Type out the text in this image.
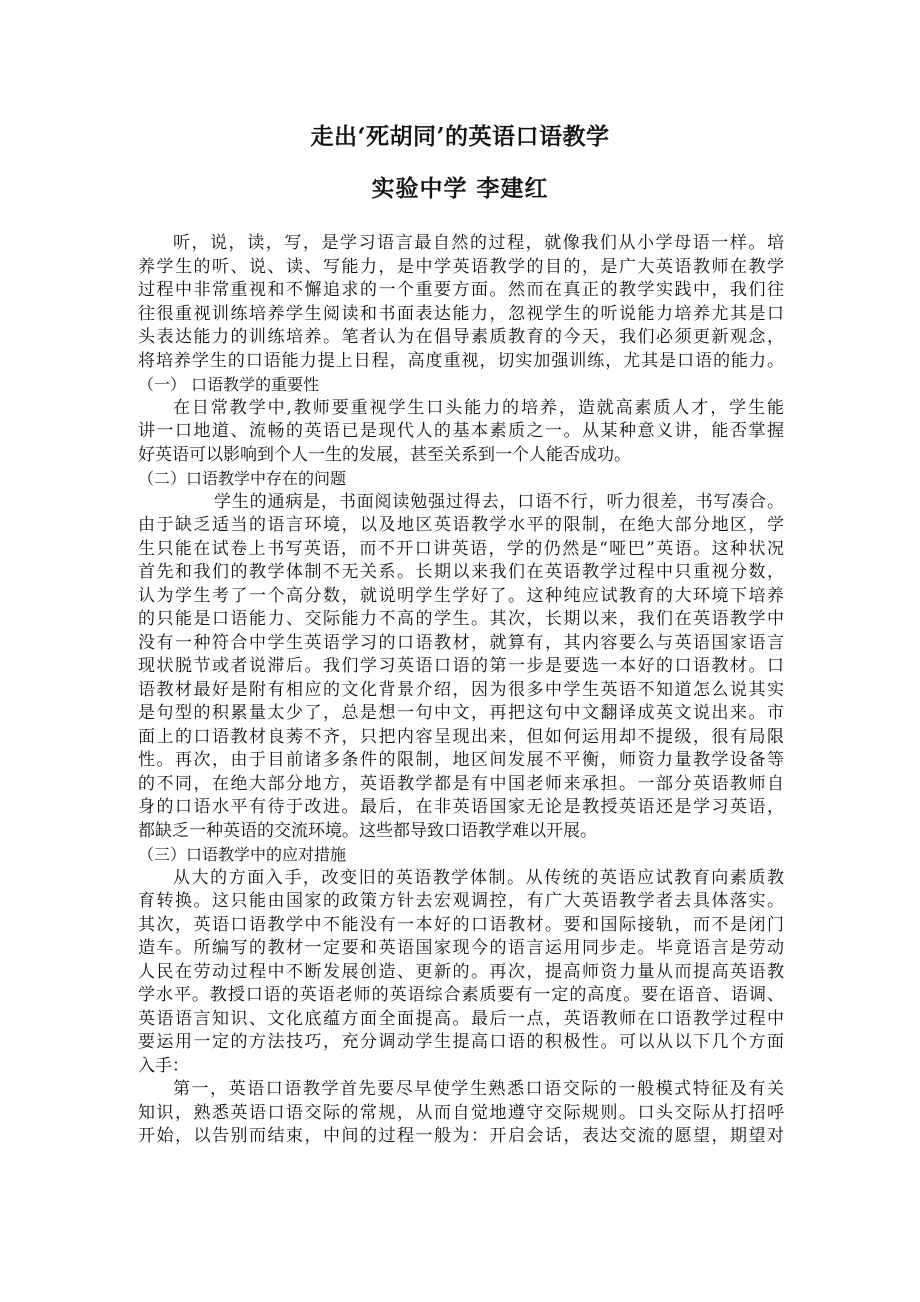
走出‘死胡同’的英语口语教学
实验中学 李建红
听，说，读，写，是学习语言最自然的过程，就像我们从小学母语一样。培
养学生的听、说、读、写能力，是中学英语教学的目的，是广大英语教师在教学
过程中非常重视和不懈追求的一个重要方面。然而在真正的教学实践中，我们往
往很重视训练培养学生阅读和书面表达能力，忽视学生的听说能力培养尤其是口
头表达能力的训练培养。笔者认为在倡导素质教育的今天，我们必须更新观念，
将培养学生的口语能力提上日程，高度重视，切实加强训练，尤其是口语的能力。
（一） 口语教学的重要性
在日常教学中,教师要重视学生口头能力的培养，造就高素质人才，学生能
讲一口地道、流畅的英语已是现代人的基本素质之一。从某种意义讲，能否掌握
好英语可以影响到个人一生的发展，甚至关系到一个人能否成功。
（二）口语教学中存在的问题
学生的通病是，书面阅读勉强过得去，口语不行，听力很差，书写凑合。
由于缺乏适当的语言环境，以及地区英语教学水平的限制，在绝大部分地区，学
生只能在试卷上书写英语，而不开口讲英语，学的仍然是“哑巴”英语。这种状况
首先和我们的教学体制不无关系。长期以来我们在英语教学过程中只重视分数，
认为学生考了一个高分数，就说明学生学好了。这种纯应试教育的大环境下培养
的只能是口语能力、交际能力不高的学生。其次，长期以来，我们在英语教学中
没有一种符合中学生英语学习的口语教材，就算有，其内容要么与英语国家语言
现状脱节或者说滞后。我们学习英语口语的第一步是要选一本好的口语教材。口
语教材最好是附有相应的文化背景介绍，因为很多中学生英语不知道怎么说其实
是句型的积累量太少了，总是想一句中文，再把这句中文翻译成英文说出来。市
面上的口语教材良莠不齐，只把内容呈现出来，但如何运用却不提级，很有局限
性。再次，由于目前诸多条件的限制，地区间发展不平衡，师资力量教学设备等
的不同，在绝大部分地方，英语教学都是有中国老师来承担。一部分英语教师自
身的口语水平有待于改进。最后，在非英语国家无论是教授英语还是学习英语，
都缺乏一种英语的交流环境。这些都导致口语教学难以开展。
（三）口语教学中的应对措施
从大的方面入手，改变旧的英语教学体制。从传统的英语应试教育向素质教
育转换。这只能由国家的政策方针去宏观调控，有广大英语教学者去具体落实。
其次，英语口语教学中不能没有一本好的口语教材。要和国际接轨，而不是闭门
造车。所编写的教材一定要和英语国家现今的语言运用同步走。毕竟语言是劳动
人民在劳动过程中不断发展创造、更新的。再次，提高师资力量从而提高英语教
学水平。教授口语的英语老师的英语综合素质要有一定的高度。要在语音、语调、
英语语言知识、文化底蕴方面全面提高。最后一点，英语教师在口语教学过程中
要运用一定的方法技巧，充分调动学生提高口语的积极性。可以从以下几个方面
入手：
第一，英语口语教学首先要尽早使学生熟悉口语交际的一般模式特征及有关
知识，熟悉英语口语交际的常规，从而自觉地遵守交际规则。口头交际从打招呼
开始，以告别而结束，中间的过程一般为：开启会话，表达交流的愿望，期望对
